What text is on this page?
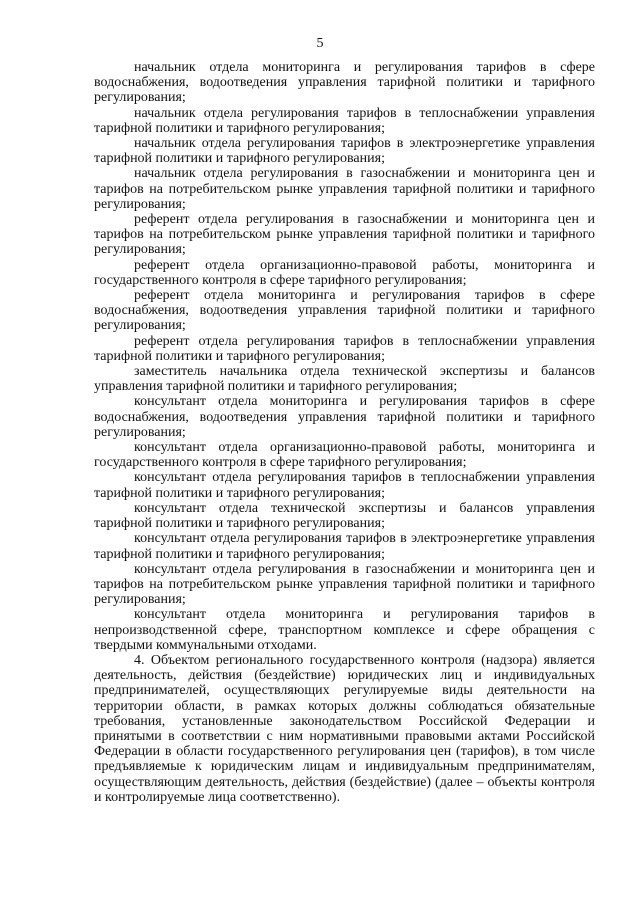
5

начальник отдела мониторинга и регулирования тарифов в сфере водоснабжения, водоотведения управления тарифной политики и тарифного регулирования;

начальник отдела регулирования тарифов в теплоснабжении управления тарифной политики и тарифного регулирования;

начальник отдела регулирования тарифов в электроэнергетике управления тарифной политики и тарифного регулирования;

начальник отдела регулирования в газоснабжении и мониторинга цен и тарифов на потребительском рынке управления тарифной политики и тарифного регулирования;

референт отдела регулирования в газоснабжении и мониторинга цен и тарифов на потребительском рынке управления тарифной политики и тарифного регулирования;

референт отдела организационно-правовой работы, мониторинга и государственного контроля в сфере тарифного регулирования;

референт отдела мониторинга и регулирования тарифов в сфере водоснабжения, водоотведения управления тарифной политики и тарифного регулирования;

референт отдела регулирования тарифов в теплоснабжении управления тарифной политики и тарифного регулирования;

заместитель начальника отдела технической экспертизы и балансов управления тарифной политики и тарифного регулирования;

консультант отдела мониторинга и регулирования тарифов в сфере водоснабжения, водоотведения управления тарифной политики и тарифного регулирования;

консультант отдела организационно-правовой работы, мониторинга и государственного контроля в сфере тарифного регулирования;

консультант отдела регулирования тарифов в теплоснабжении управления тарифной политики и тарифного регулирования;

консультант отдела технической экспертизы и балансов управления тарифной политики и тарифного регулирования;

консультант отдела регулирования тарифов в электроэнергетике управления тарифной политики и тарифного регулирования;

консультант отдела регулирования в газоснабжении и мониторинга цен и тарифов на потребительском рынке управления тарифной политики и тарифного регулирования;

консультант отдела мониторинга и регулирования тарифов в непроизводственной сфере, транспортном комплексе и сфере обращения с твердыми коммунальными отходами.

4. Объектом регионального государственного контроля (надзора) является деятельность, действия (бездействие) юридических лиц и индивидуальных предпринимателей, осуществляющих регулируемые виды деятельности на территории области, в рамках которых должны соблюдаться обязательные требования, установленные законодательством Российской Федерации и принятыми в соответствии с ним нормативными правовыми актами Российской Федерации в области государственного регулирования цен (тарифов), в том числе предъявляемые к юридическим лицам и индивидуальным предпринимателям, осуществляющим деятельность, действия (бездействие) (далее – объекты контроля и контролируемые лица соответственно).
